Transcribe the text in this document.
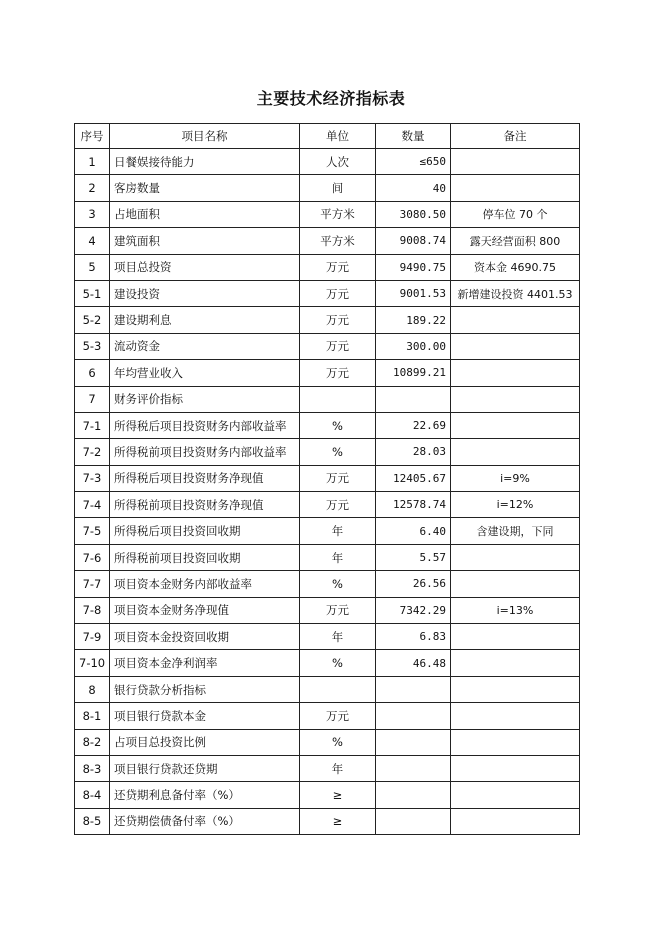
主要技术经济指标表
序号	项目名称	单位	数量	备注
1	日餐娱接待能力	人次	≤650	
2	客房数量	间	40	
3	占地面积	平方米	3080.50	停车位 70 个
4	建筑面积	平方米	9008.74	露天经营面积 800
5	项目总投资	万元	9490.75	资本金 4690.75
5-1	建设投资	万元	9001.53	新增建设投资 4401.53
5-2	建设期利息	万元	189.22	
5-3	流动资金	万元	300.00	
6	年均营业收入	万元	10899.21	
7	财务评价指标			
7-1	所得税后项目投资财务内部收益率	%	22.69	
7-2	所得税前项目投资财务内部收益率	%	28.03	
7-3	所得税后项目投资财务净现值	万元	12405.67	i=9%
7-4	所得税前项目投资财务净现值	万元	12578.74	i=12%
7-5	所得税后项目投资回收期	年	6.40	含建设期，下同
7-6	所得税前项目投资回收期	年	5.57	
7-7	项目资本金财务内部收益率	%	26.56	
7-8	项目资本金财务净现值	万元	7342.29	i=13%
7-9	项目资本金投资回收期	年	6.83	
7-10	项目资本金净利润率	%	46.48	
8	银行贷款分析指标			
8-1	项目银行贷款本金	万元		
8-2	占项目总投资比例	%		
8-3	项目银行贷款还贷期	年		
8-4	还贷期利息备付率（%）	≥		
8-5	还贷期偿债备付率（%）	≥		
